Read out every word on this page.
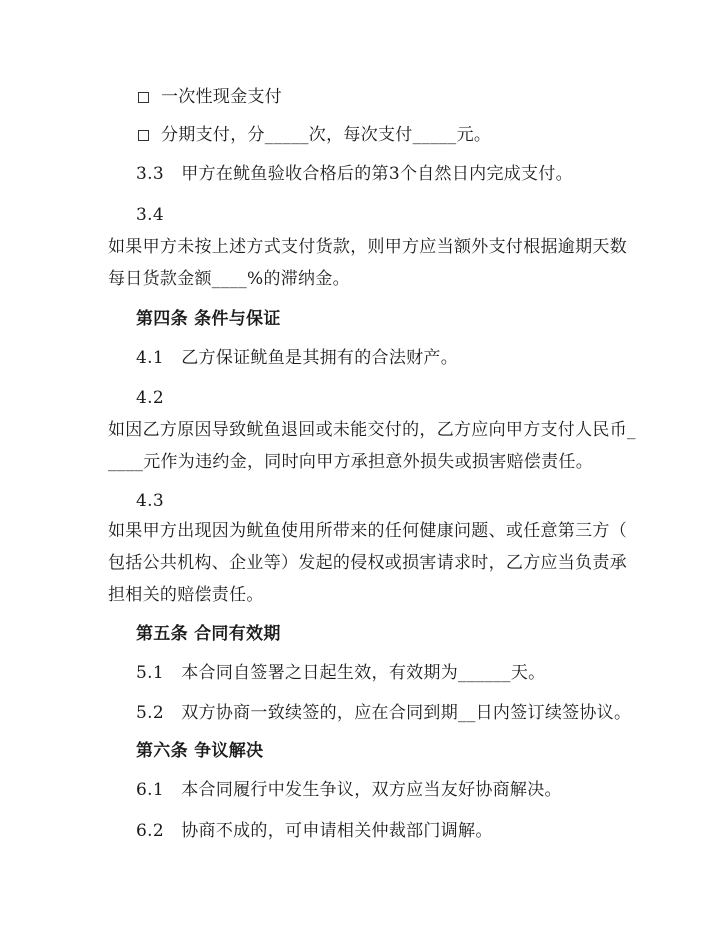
一次性现金支付
分期支付，分_____次，每次支付_____元。
3.3　甲方在鱿鱼验收合格后的第3个自然日内完成支付。
3.4
如果甲方未按上述方式支付货款，则甲方应当额外支付根据逾期天数
每日货款金额____%的滞纳金。
第四条 条件与保证
4.1　乙方保证鱿鱼是其拥有的合法财产。
4.2
如因乙方原因导致鱿鱼退回或未能交付的，乙方应向甲方支付人民币_
____元作为违约金，同时向甲方承担意外损失或损害赔偿责任。
4.3
如果甲方出现因为鱿鱼使用所带来的任何健康问题、或任意第三方（
包括公共机构、企业等）发起的侵权或损害请求时，乙方应当负责承
担相关的赔偿责任。
第五条 合同有效期
5.1　本合同自签署之日起生效，有效期为______天。
5.2　双方协商一致续签的，应在合同到期__日内签订续签协议。
第六条 争议解决
6.1　本合同履行中发生争议，双方应当友好协商解决。
6.2　协商不成的，可申请相关仲裁部门调解。
